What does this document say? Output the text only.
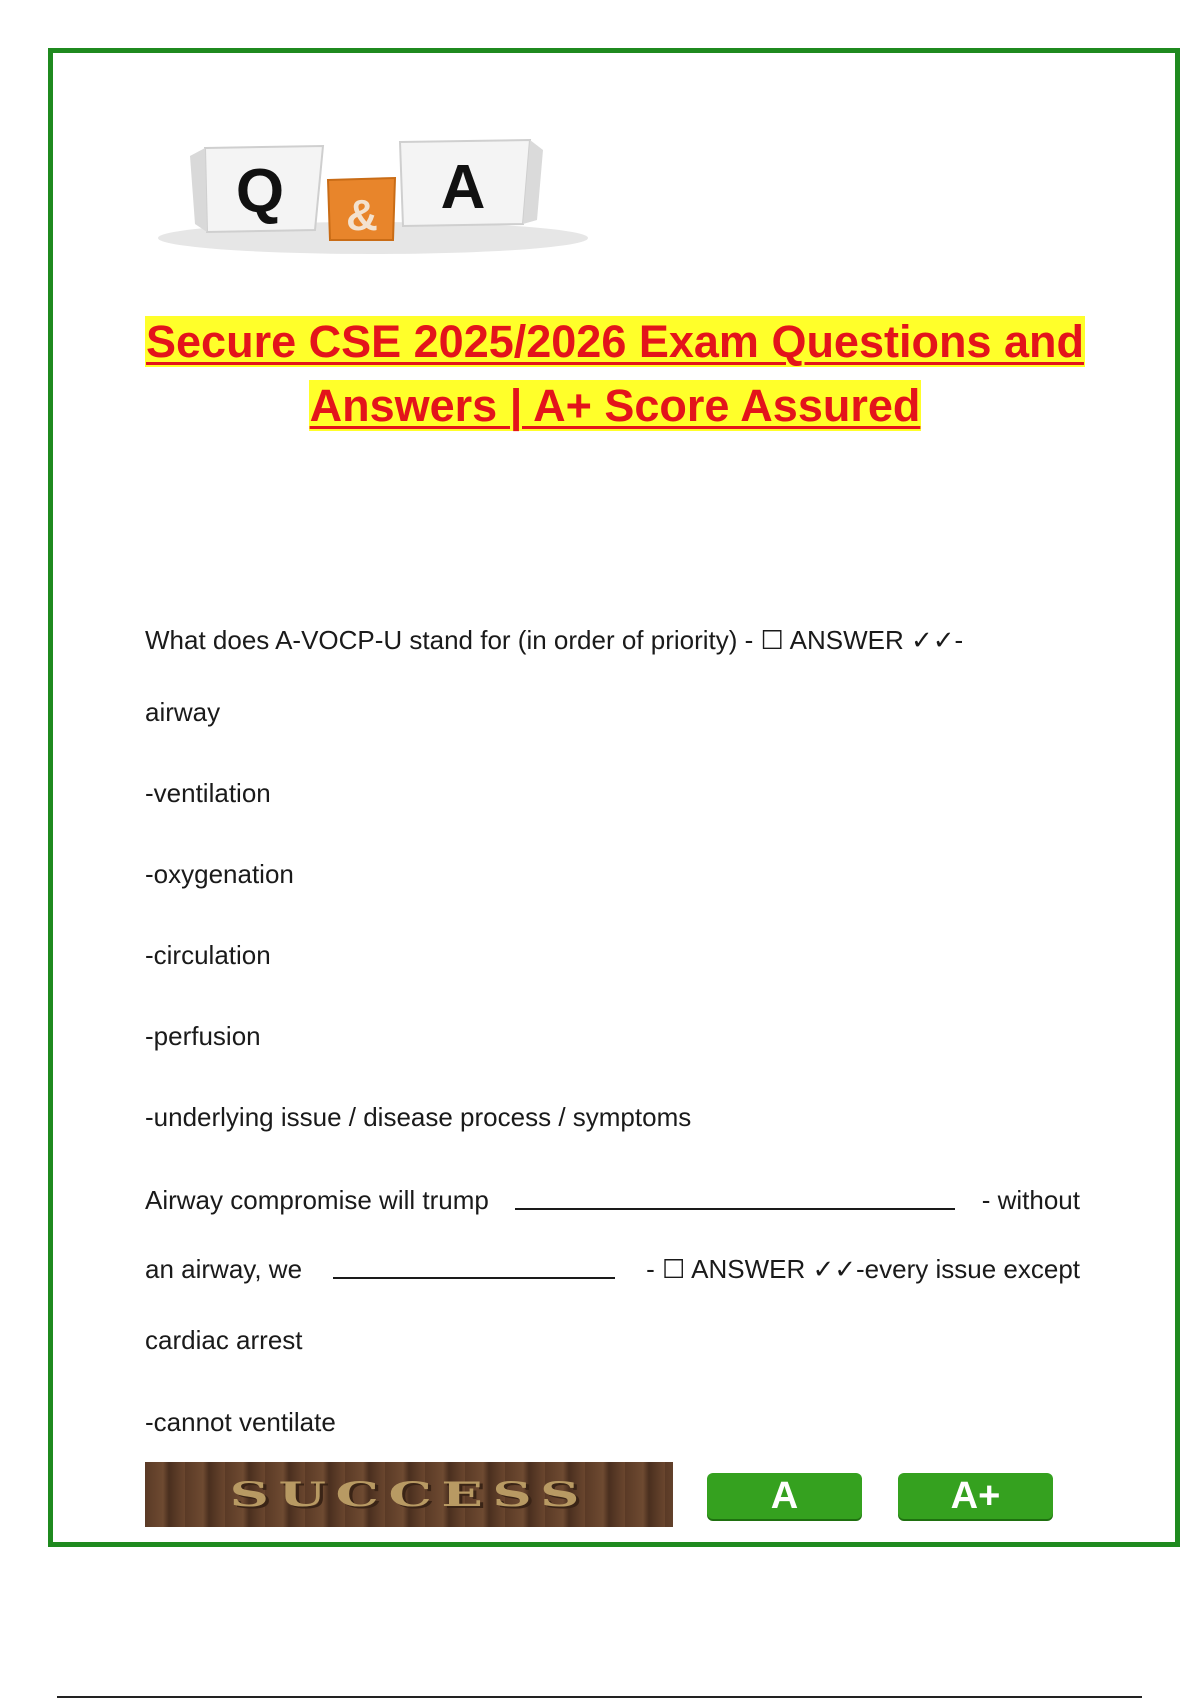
Q & A
Secure CSE 2025/2026 Exam Questions and Answers | A+ Score Assured

What does A-VOCP-U stand for (in order of priority) - ☐ ANSWER ✓✓-

airway

-ventilation

-oxygenation

-circulation

-perfusion

-underlying issue / disease process / symptoms

Airway compromise will trump	- without
an airway, we	- ☐ ANSWER ✓✓-every issue except

cardiac arrest

-cannot ventilate

SUCCESS	A	A+
